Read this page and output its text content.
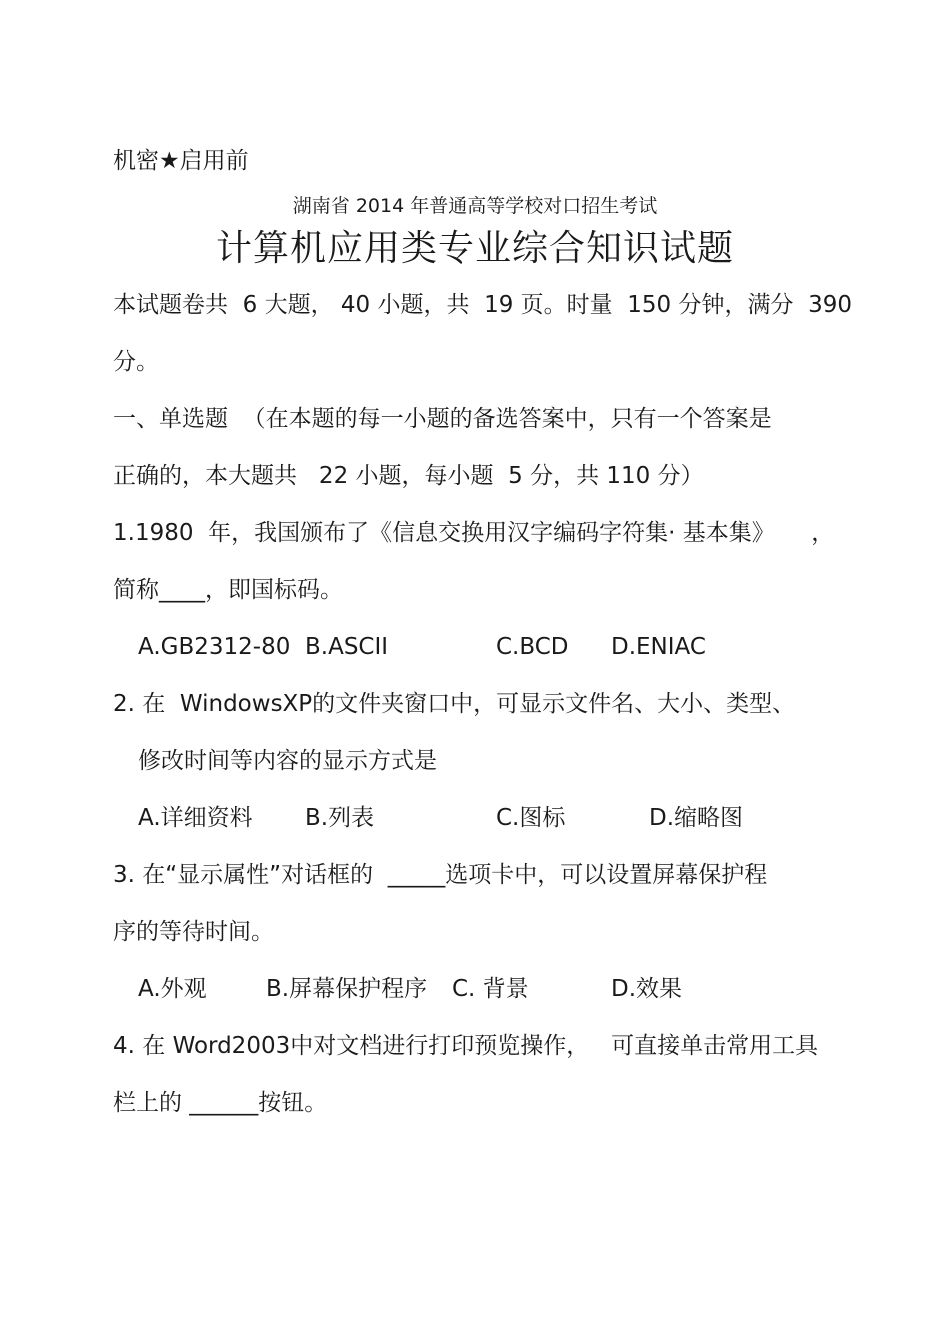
机密★启用前
湖南省 2014 年普通高等学校对口招生考试
计算机应用类专业综合知识试题
本试题卷共  6 大题， 40 小题，共  19 页。时量  150 分钟，满分  390
分。
一、单选题  （在本题的每一小题的备选答案中，只有一个答案是
正确的，本大题共   22 小题，每小题  5 分，共 110 分）
1.1980  年，我国颁布了《信息交换用汉字编码字符集· 基本集》     ，
简称____，即国标码。
A.GB2312-80 B.ASCII	C.BCD D.ENIAC
2. 在  WindowsXP的文件夹窗口中，可显示文件名、大小、类型、
修改时间等内容的显示方式是
A.详细资料 B.列表	C.图标	D.缩略图
3. 在“显示属性”对话框的  _____选项卡中，可以设置屏幕保护程
序的等待时间。
A.外观	B.屏幕保护程序 C. 背景	D.效果
4. 在 Word2003中对文档进行打印预览操作，   可直接单击常用工具
栏上的 ______按钮。
